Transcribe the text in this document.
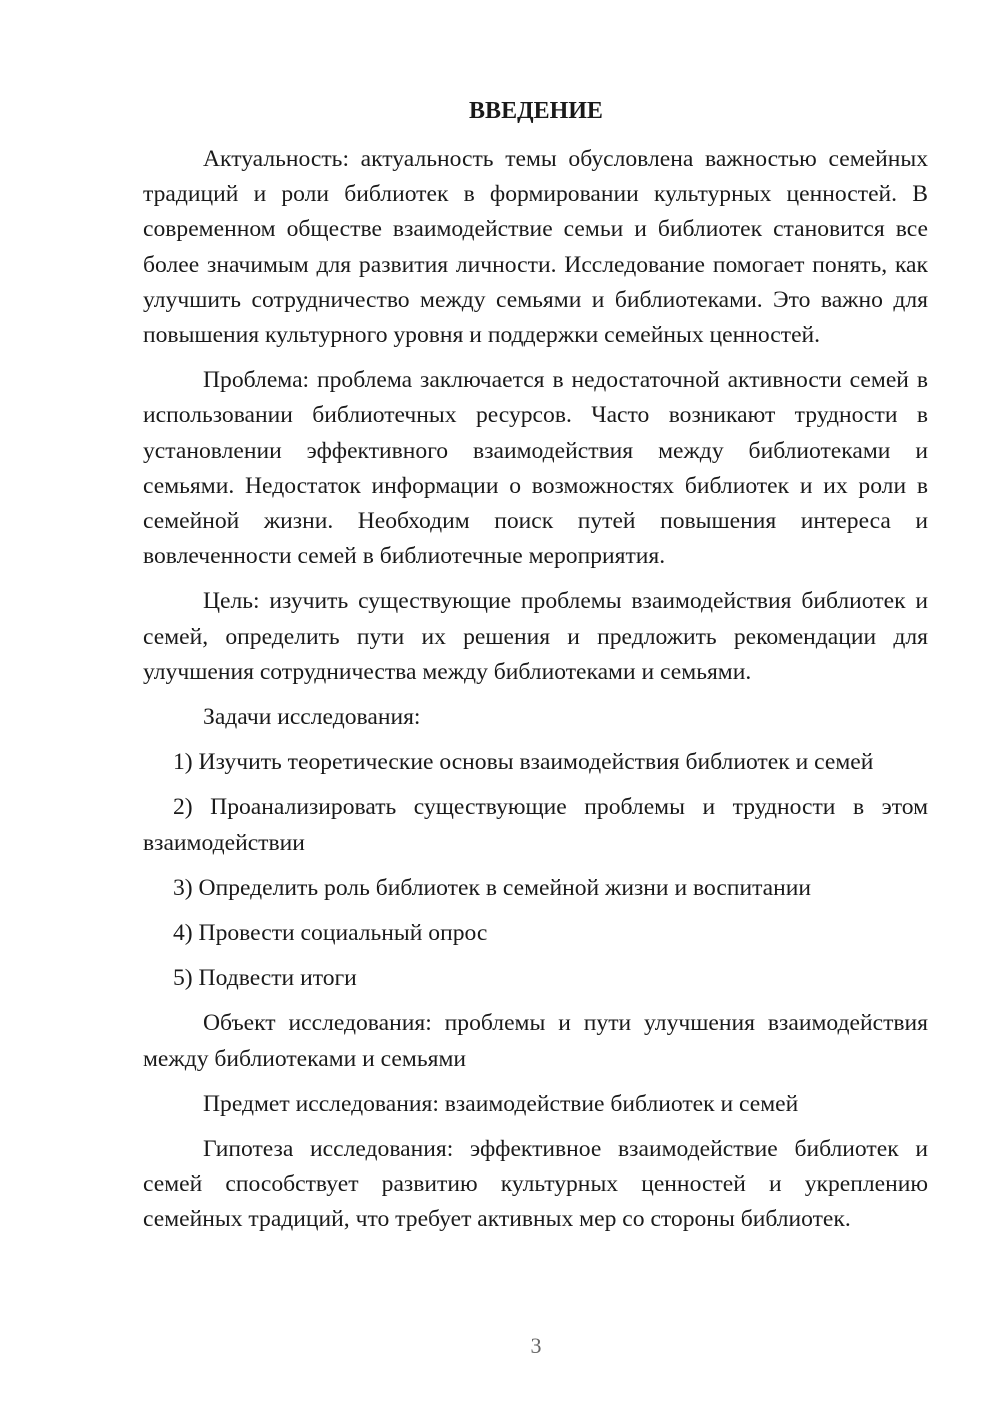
ВВЕДЕНИЕ

Актуальность: актуальность темы обусловлена важностью семейных традиций и роли библиотек в формировании культурных ценностей. В современном обществе взаимодействие семьи и библиотек становится все более значимым для развития личности. Исследование помогает понять, как улучшить сотрудничество между семьями и библиотеками. Это важно для повышения культурного уровня и поддержки семейных ценностей.

Проблема: проблема заключается в недостаточной активности семей в использовании библиотечных ресурсов. Часто возникают трудности в установлении эффективного взаимодействия между библиотеками и семьями. Недостаток информации о возможностях библиотек и их роли в семейной жизни. Необходим поиск путей повышения интереса и вовлеченности семей в библиотечные мероприятия.

Цель: изучить существующие проблемы взаимодействия библиотек и семей, определить пути их решения и предложить рекомендации для улучшения сотрудничества между библиотеками и семьями.

Задачи исследования:

1) Изучить теоретические основы взаимодействия библиотек и семей

2) Проанализировать существующие проблемы и трудности в этом взаимодействии

3) Определить роль библиотек в семейной жизни и воспитании

4) Провести социальный опрос

5) Подвести итоги

Объект исследования: проблемы и пути улучшения взаимодействия между библиотеками и семьями

Предмет исследования: взаимодействие библиотек и семей

Гипотеза исследования: эффективное взаимодействие библиотек и семей способствует развитию культурных ценностей и укреплению семейных традиций, что требует активных мер со стороны библиотек.

3
